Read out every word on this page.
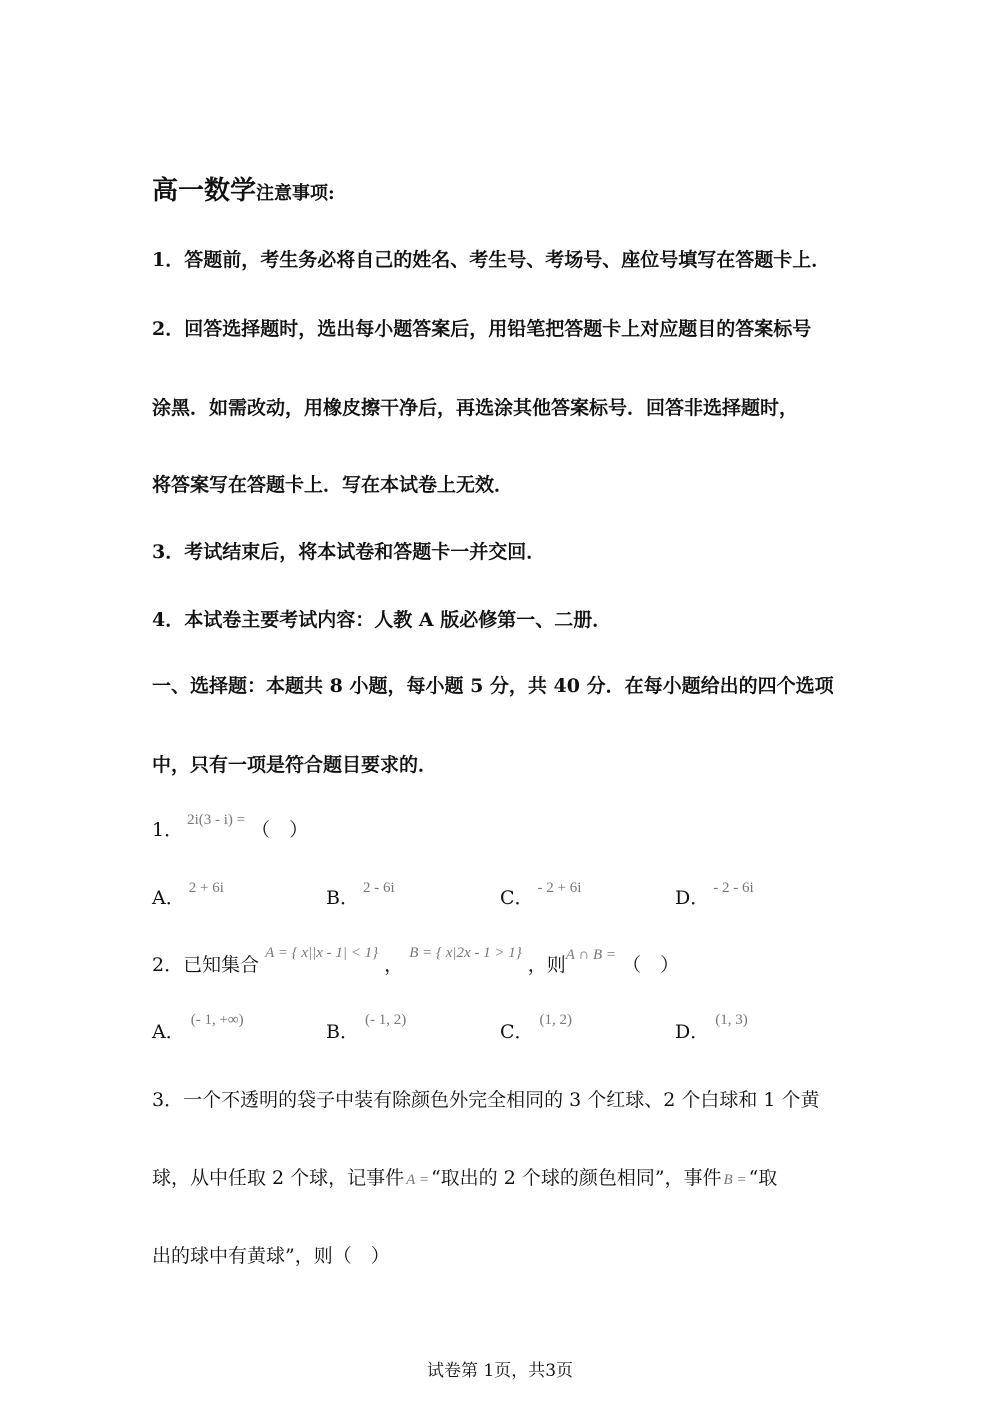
高一数学注意事项:
1．答题前，考生务必将自己的姓名、考生号、考场号、座位号填写在答题卡上．
2．回答选择题时，选出每小题答案后，用铅笔把答题卡上对应题目的答案标号
涂黑．如需改动，用橡皮擦干净后，再选涂其他答案标号．回答非选择题时，
将答案写在答题卡上．写在本试卷上无效．
3．考试结束后，将本试卷和答题卡一并交回．
4．本试卷主要考试内容：人教 A 版必修第一、二册．
一、选择题：本题共 8 小题，每小题 5 分，共 40 分．在每小题给出的四个选项
中，只有一项是符合题目要求的．
1． $^{2i(3 - i) =}$ （　）
A． $^{2 + 6i}$	B． $^{2 - 6i}$	C． $^{- 2 + 6i}$	D． $^{- 2 - 6i}$
2．已知集合$^{A = \{ x||x - 1| < 1\}}$，$^{B = \{ x|2x - 1 > 1\}}$，则$^{A \cap B =}$ （　）
A．$^{(- 1, +\infty)}$
B．$^{(- 1, 2)}$
C．$^{(1, 2)}$
D．$^{(1, 3)}$
3．一个不透明的袋子中装有除颜色外完全相同的 3 个红球、2 个白球和 1 个黄
球，从中任取 2 个球，记事件 A = “取出的 2 个球的颜色相同”，事件 B = “取
出的球中有黄球”，则（　）
试卷第 1页，共3页
